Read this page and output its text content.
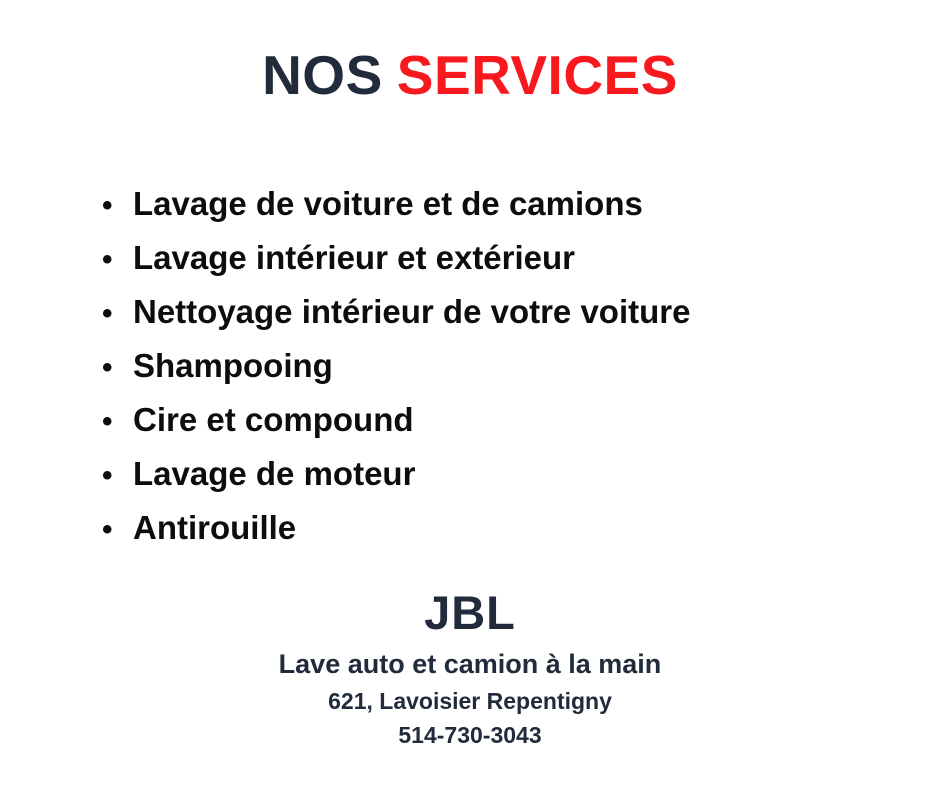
NOS SERVICES
• Lavage de voiture et de camions
• Lavage intérieur et extérieur
• Nettoyage intérieur de votre voiture
• Shampooing
• Cire et compound
• Lavage de moteur
• Antirouille
JBL
Lave auto et camion à la main
621, Lavoisier Repentigny
514-730-3043
